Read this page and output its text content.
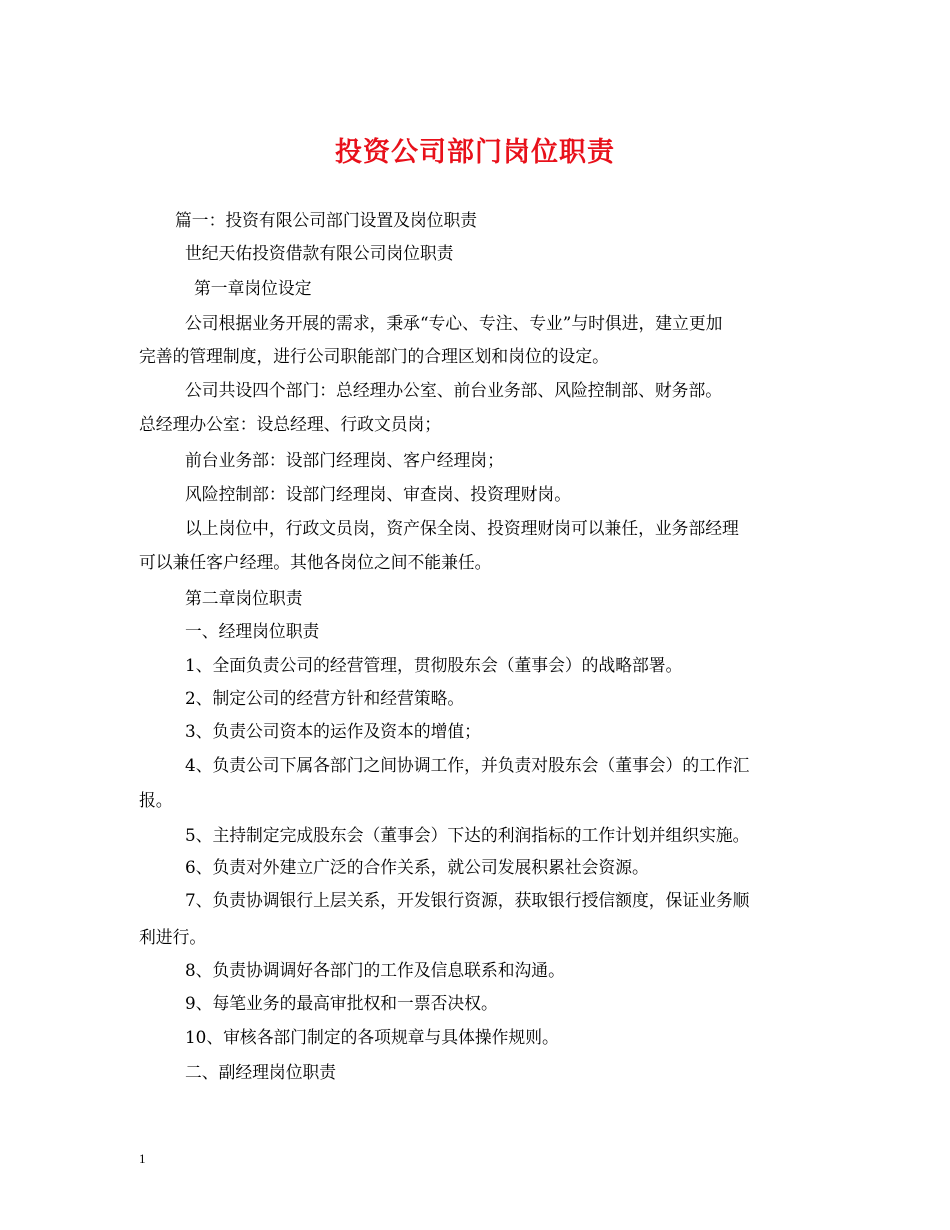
投资公司部门岗位职责
篇一：投资有限公司部门设置及岗位职责
世纪天佑投资借款有限公司岗位职责
第一章岗位设定
公司根据业务开展的需求，秉承“专心、专注、专业”与时俱进，建立更加
完善的管理制度，进行公司职能部门的合理区划和岗位的设定。
公司共设四个部门：总经理办公室、前台业务部、风险控制部、财务部。
总经理办公室：设总经理、行政文员岗；
前台业务部：设部门经理岗、客户经理岗；
风险控制部：设部门经理岗、审查岗、投资理财岗。
以上岗位中，行政文员岗，资产保全岗、投资理财岗可以兼任，业务部经理
可以兼任客户经理。其他各岗位之间不能兼任。
第二章岗位职责
一、经理岗位职责
1、全面负责公司的经营管理，贯彻股东会（董事会）的战略部署。
2、制定公司的经营方针和经营策略。
3、负责公司资本的运作及资本的增值；
4、负责公司下属各部门之间协调工作，并负责对股东会（董事会）的工作汇
报。
5、主持制定完成股东会（董事会）下达的利润指标的工作计划并组织实施。
6、负责对外建立广泛的合作关系，就公司发展积累社会资源。
7、负责协调银行上层关系，开发银行资源，获取银行授信额度，保证业务顺
利进行。
8、负责协调调好各部门的工作及信息联系和沟通。
9、每笔业务的最高审批权和一票否决权。
10、审核各部门制定的各项规章与具体操作规则。
二、副经理岗位职责
1
